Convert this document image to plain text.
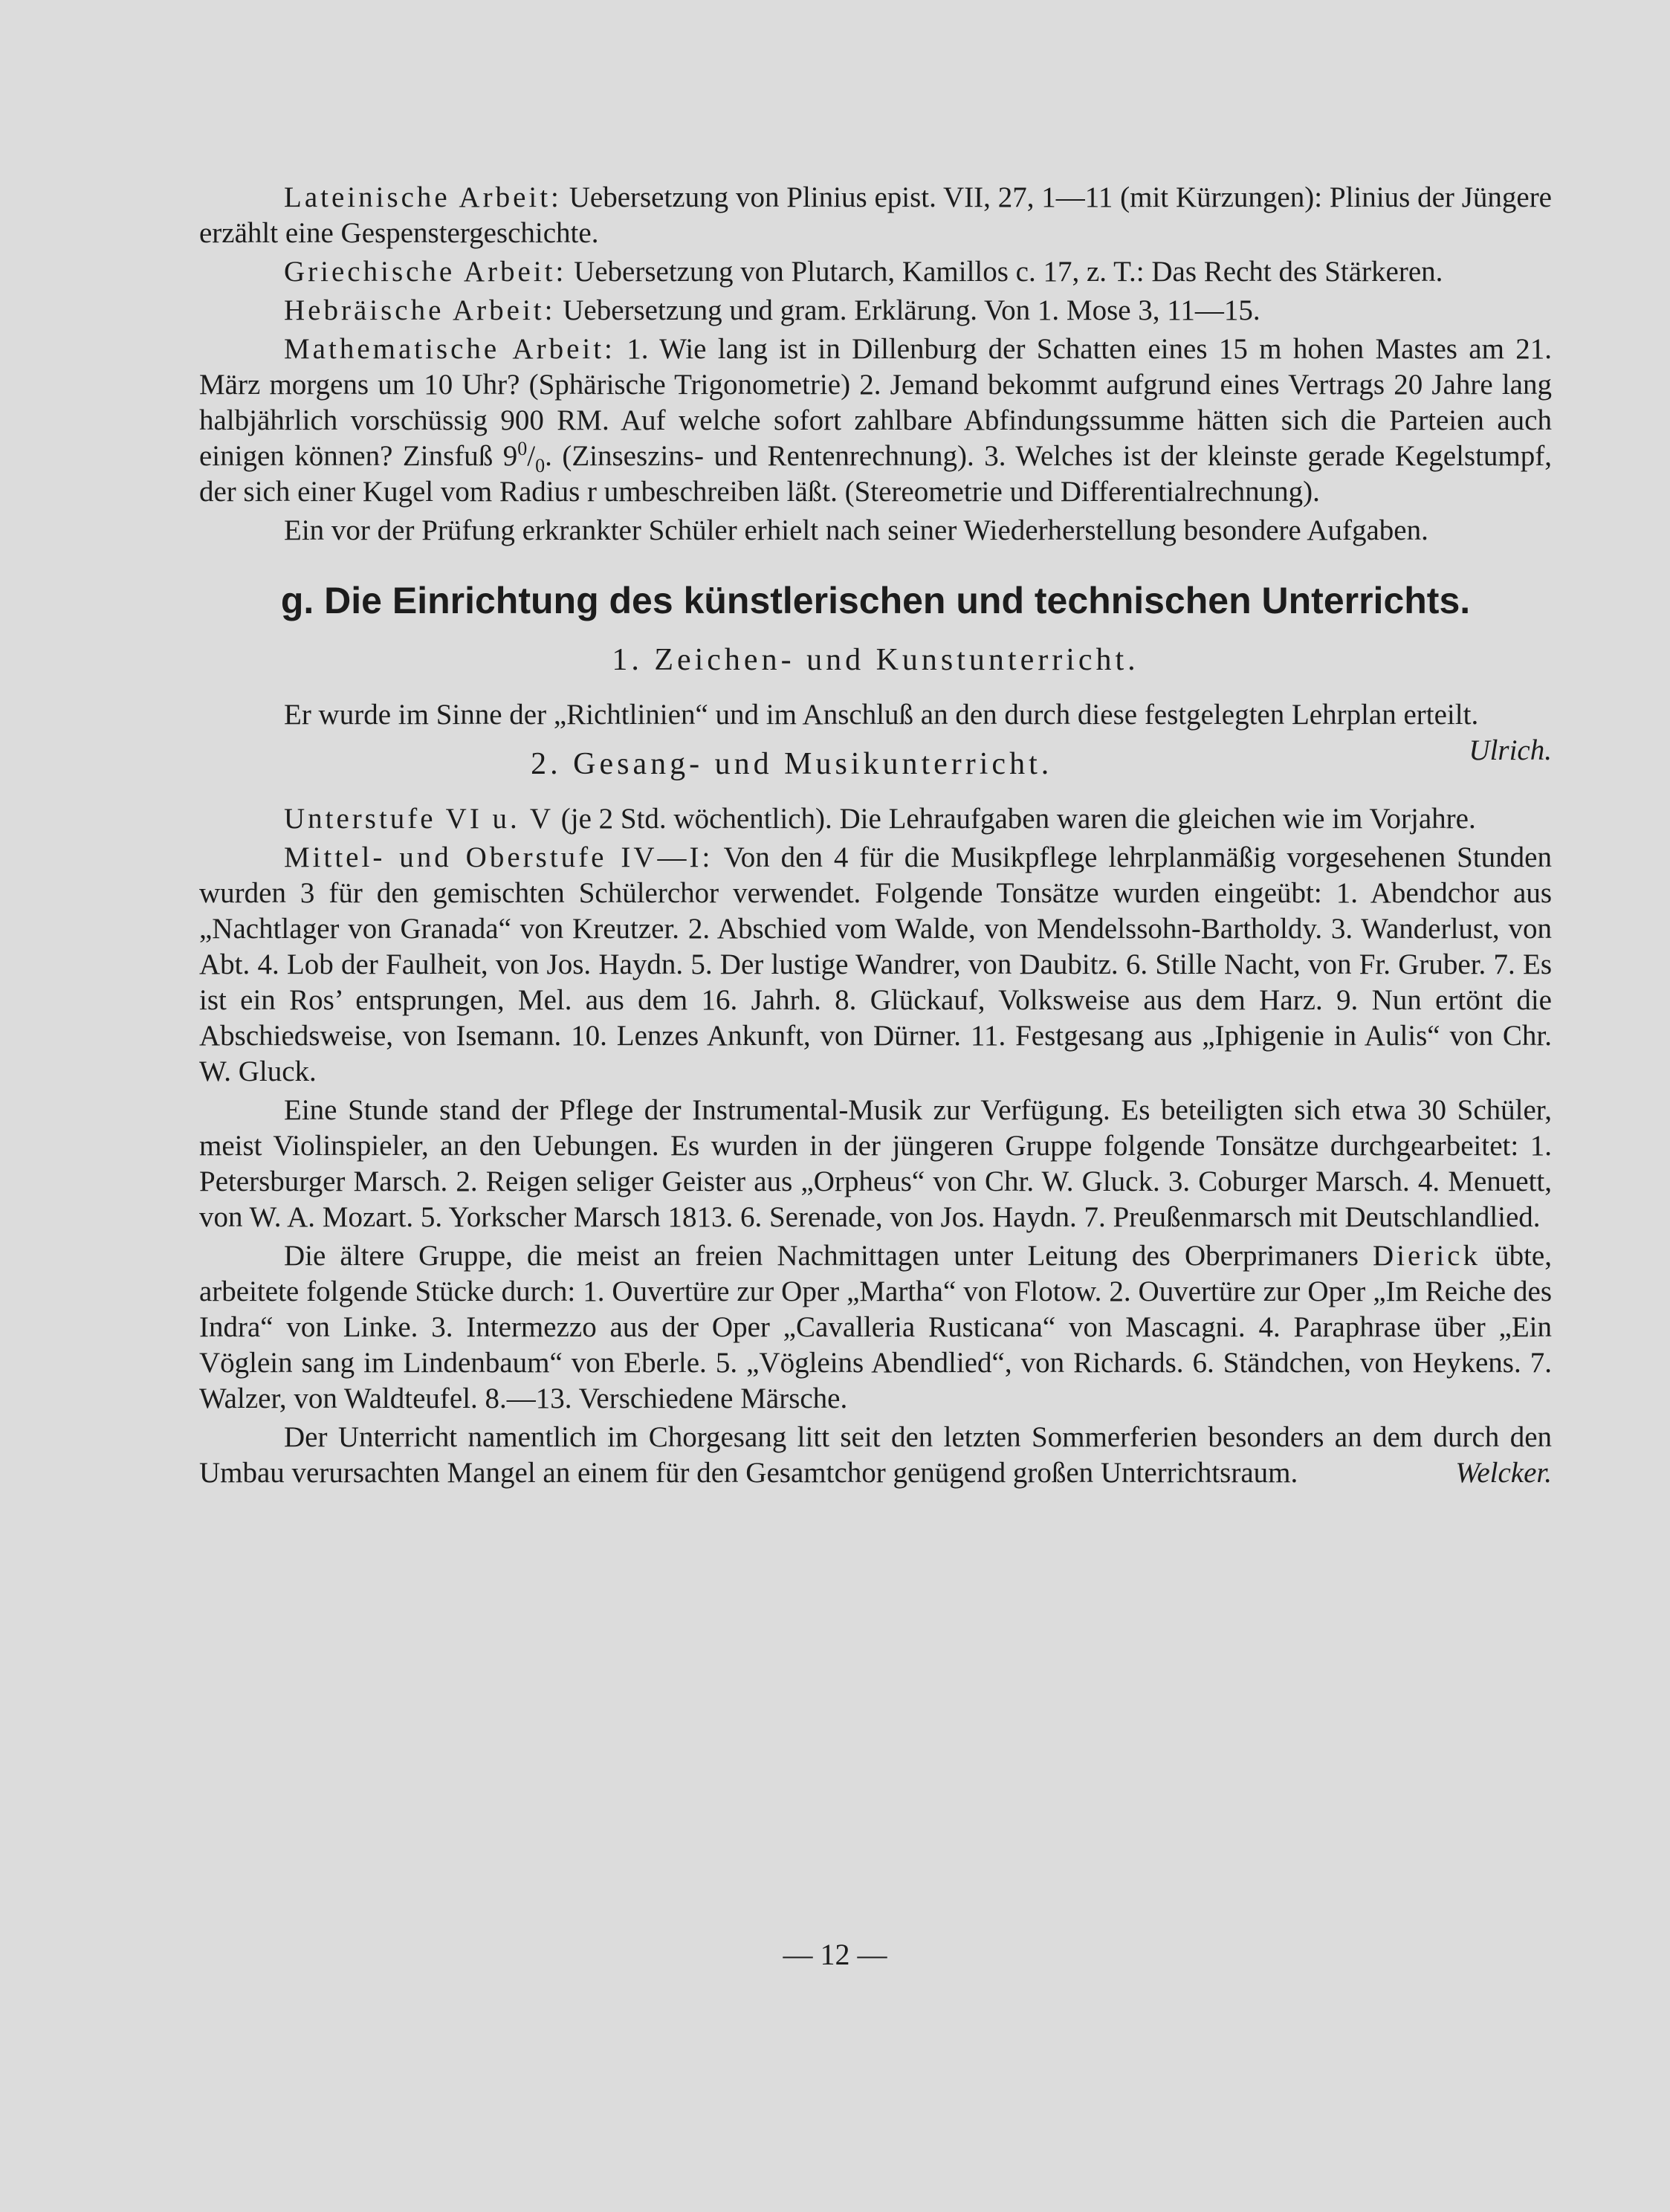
Lateinische Arbeit: Uebersetzung von Plinius epist. VII, 27, 1—11 (mit Kürzungen): Plinius der Jüngere erzählt eine Gespenstergeschichte.

Griechische Arbeit: Uebersetzung von Plutarch, Kamillos c. 17, z. T.: Das Recht des Stärkeren.

Hebräische Arbeit: Uebersetzung und gram. Erklärung. Von 1. Mose 3, 11—15.

Mathematische Arbeit: 1. Wie lang ist in Dillenburg der Schatten eines 15 m hohen Mastes am 21. März morgens um 10 Uhr? (Sphärische Trigonometrie) 2. Jemand bekommt aufgrund eines Vertrags 20 Jahre lang halbjährlich vorschüssig 900 RM. Auf welche sofort zahlbare Abfindungssumme hätten sich die Parteien auch einigen können? Zinsfuß $9^0/_0$. (Zinseszins- und Rentenrechnung). 3. Welches ist der kleinste gerade Kegelstumpf, der sich einer Kugel vom Radius r umbeschreiben läßt. (Stereometrie und Differentialrechnung).

Ein vor der Prüfung erkrankter Schüler erhielt nach seiner Wiederherstellung besondere Aufgaben.

g. Die Einrichtung des künstlerischen und technischen Unterrichts.
1. Zeichen- und Kunstunterricht.

Er wurde im Sinne der „Richtlinien“ und im Anschluß an den durch diese festgelegten Lehrplan erteilt.
Ulrich.

2. Gesang- und Musikunterricht.

Unterstufe VI u. V (je 2 Std. wöchentlich). Die Lehraufgaben waren die gleichen wie im Vorjahre.

Mittel- und Oberstufe IV—I: Von den 4 für die Musikpflege lehrplanmäßig vorgesehenen Stunden wurden 3 für den gemischten Schülerchor verwendet. Folgende Tonsätze wurden eingeübt: 1. Abendchor aus „Nachtlager von Granada“ von Kreutzer. 2. Abschied vom Walde, von Mendelssohn-Bartholdy. 3. Wanderlust, von Abt. 4. Lob der Faulheit, von Jos. Haydn. 5. Der lustige Wandrer, von Daubitz. 6. Stille Nacht, von Fr. Gruber. 7. Es ist ein Ros’ entsprungen, Mel. aus dem 16. Jahrh. 8. Glückauf, Volksweise aus dem Harz. 9. Nun ertönt die Abschiedsweise, von Isemann. 10. Lenzes Ankunft, von Dürner. 11. Festgesang aus „Iphigenie in Aulis“ von Chr. W. Gluck.

Eine Stunde stand der Pflege der Instrumental-Musik zur Verfügung. Es beteiligten sich etwa 30 Schüler, meist Violinspieler, an den Uebungen. Es wurden in der jüngeren Gruppe folgende Tonsätze durchgearbeitet: 1. Petersburger Marsch. 2. Reigen seliger Geister aus „Orpheus“ von Chr. W. Gluck. 3. Coburger Marsch. 4. Menuett, von W. A. Mozart. 5. Yorkscher Marsch 1813. 6. Serenade, von Jos. Haydn. 7. Preußenmarsch mit Deutschlandlied.

Die ältere Gruppe, die meist an freien Nachmittagen unter Leitung des Oberprimaners Dierick übte, arbeitete folgende Stücke durch: 1. Ouvertüre zur Oper „Martha“ von Flotow. 2. Ouvertüre zur Oper „Im Reiche des Indra“ von Linke. 3. Intermezzo aus der Oper „Cavalleria Rusticana“ von Mascagni. 4. Paraphrase über „Ein Vöglein sang im Lindenbaum“ von Eberle. 5. „Vögleins Abendlied“, von Richards. 6. Ständchen, von Heykens. 7. Walzer, von Waldteufel. 8.—13. Verschiedene Märsche.

Der Unterricht namentlich im Chorgesang litt seit den letzten Sommerferien besonders an dem durch den Umbau verursachten Mangel an einem für den Gesamtchor genügend großen Unterrichtsraum.	Welcker.

— 12 —
